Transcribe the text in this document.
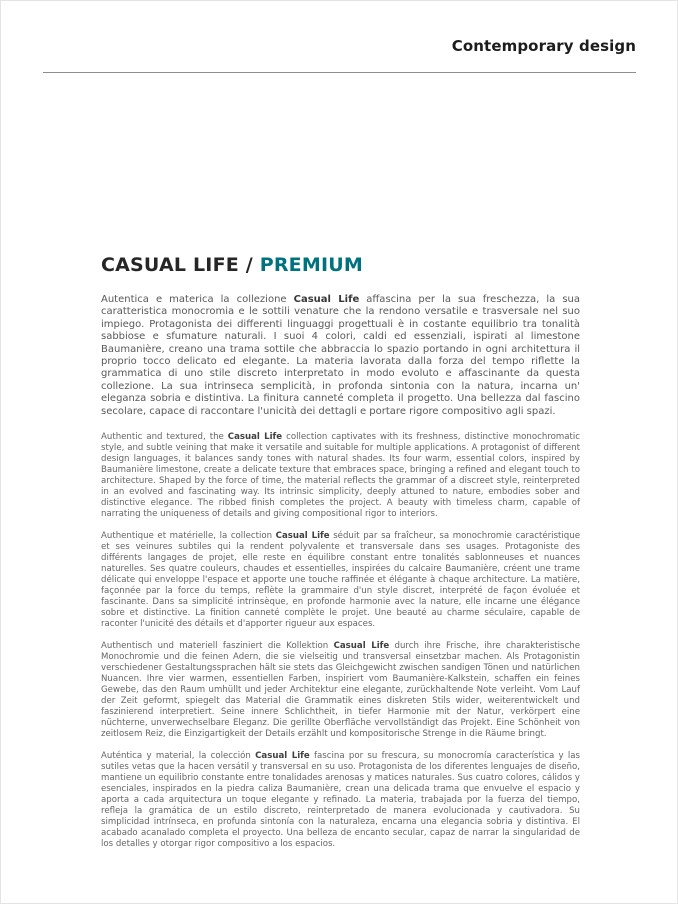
Contemporary design
CASUAL LIFE / PREMIUM

Autentica e materica la collezione Casual Life affascina per la sua freschezza, la sua caratteristica monocromia e le sottili venature che la rendono versatile e trasversale nel suo impiego. Protagonista dei differenti linguaggi progettuali è in costante equilibrio tra tonalità sabbiose e sfumature naturali. I suoi 4 colori, caldi ed essenziali, ispirati al limestone Baumanière, creano una trama sottile che abbraccia lo spazio portando in ogni architettura il proprio tocco delicato ed elegante. La materia lavorata dalla forza del tempo riflette la grammatica di uno stile discreto interpretato in modo evoluto e affascinante da questa collezione. La sua intrinseca semplicità, in profonda sintonia con la natura, incarna un' eleganza sobria e distintiva. La finitura canneté completa il progetto. Una bellezza dal fascino secolare, capace di raccontare l'unicità dei dettagli e portare rigore compositivo agli spazi.

Authentic and textured, the Casual Life collection captivates with its freshness, distinctive monochromatic style, and subtle veining that make it versatile and suitable for multiple applications. A protagonist of different design languages, it balances sandy tones with natural shades. Its four warm, essential colors, inspired by Baumanière limestone, create a delicate texture that embraces space, bringing a refined and elegant touch to architecture. Shaped by the force of time, the material reflects the grammar of a discreet style, reinterpreted in an evolved and fascinating way. Its intrinsic simplicity, deeply attuned to nature, embodies sober and distinctive elegance. The ribbed finish completes the project. A beauty with timeless charm, capable of narrating the uniqueness of details and giving compositional rigor to interiors.

Authentique et matérielle, la collection Casual Life séduit par sa fraîcheur, sa monochromie caractéristique et ses veinures subtiles qui la rendent polyvalente et transversale dans ses usages. Protagoniste des différents langages de projet, elle reste en équilibre constant entre tonalités sablonneuses et nuances naturelles. Ses quatre couleurs, chaudes et essentielles, inspirées du calcaire Baumanière, créent une trame délicate qui enveloppe l'espace et apporte une touche raffinée et élégante à chaque architecture. La matière, façonnée par la force du temps, reflète la grammaire d'un style discret, interprété de façon évoluée et fascinante. Dans sa simplicité intrinsèque, en profonde harmonie avec la nature, elle incarne une élégance sobre et distinctive. La finition canneté complète le projet. Une beauté au charme séculaire, capable de raconter l'unicité des détails et d'apporter rigueur aux espaces.

Authentisch und materiell fasziniert die Kollektion Casual Life durch ihre Frische, ihre charakteristische Monochromie und die feinen Adern, die sie vielseitig und transversal einsetzbar machen. Als Protagonistin verschiedener Gestaltungssprachen hält sie stets das Gleichgewicht zwischen sandigen Tönen und natürlichen Nuancen. Ihre vier warmen, essentiellen Farben, inspiriert vom Baumanière-Kalkstein, schaffen ein feines Gewebe, das den Raum umhüllt und jeder Architektur eine elegante, zurückhaltende Note verleiht. Vom Lauf der Zeit geformt, spiegelt das Material die Grammatik eines diskreten Stils wider, weiterentwickelt und faszinierend interpretiert. Seine innere Schlichtheit, in tiefer Harmonie mit der Natur, verkörpert eine nüchterne, unverwechselbare Eleganz. Die gerillte Oberfläche vervollständigt das Projekt. Eine Schönheit von zeitlosem Reiz, die Einzigartigkeit der Details erzählt und kompositorische Strenge in die Räume bringt.

Auténtica y material, la colección Casual Life fascina por su frescura, su monocromía característica y las sutiles vetas que la hacen versátil y transversal en su uso. Protagonista de los diferentes lenguajes de diseño, mantiene un equilibrio constante entre tonalidades arenosas y matices naturales. Sus cuatro colores, cálidos y esenciales, inspirados en la piedra caliza Baumanière, crean una delicada trama que envuelve el espacio y aporta a cada arquitectura un toque elegante y refinado. La materia, trabajada por la fuerza del tiempo, refleja la gramática de un estilo discreto, reinterpretado de manera evolucionada y cautivadora. Su simplicidad intrínseca, en profunda sintonía con la naturaleza, encarna una elegancia sobria y distintiva. El acabado acanalado completa el proyecto. Una belleza de encanto secular, capaz de narrar la singularidad de los detalles y otorgar rigor compositivo a los espacios.
